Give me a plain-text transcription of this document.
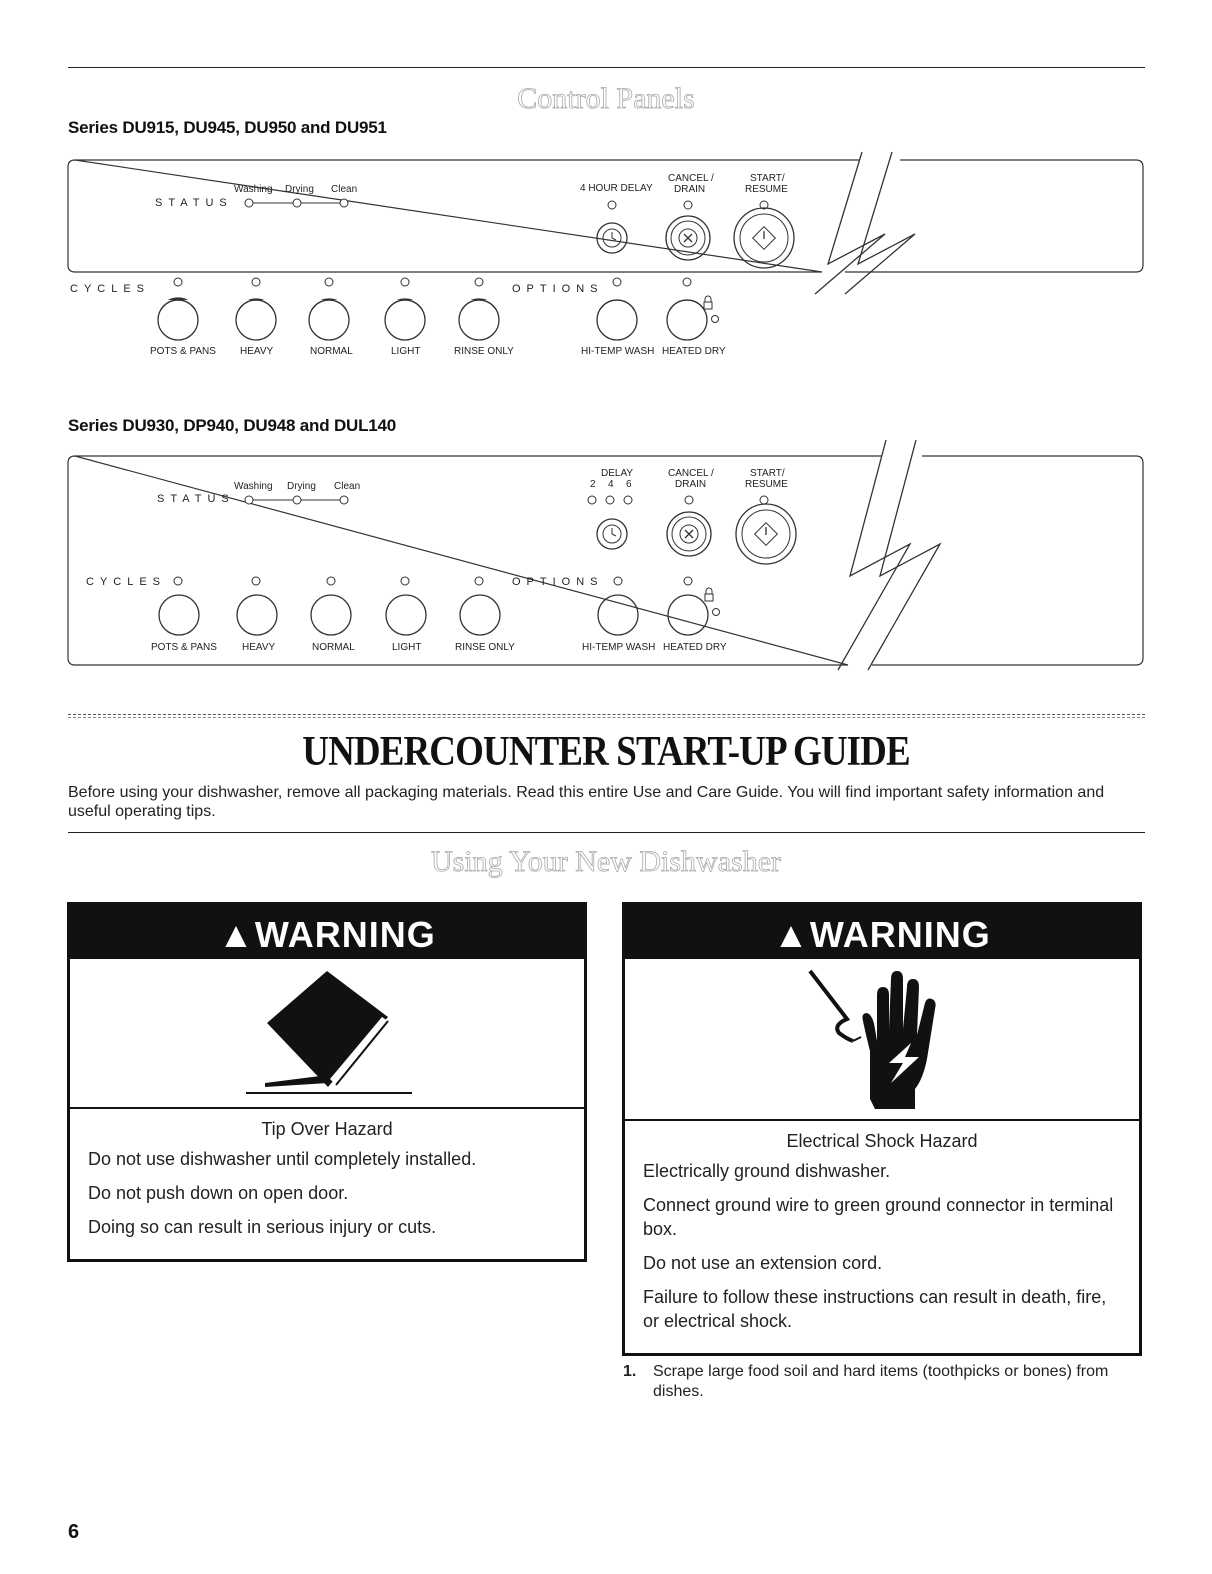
Control Panels
Series DU915, DU945, DU950 and DU951
STATUS
Washing Drying Clean	4 HOUR DELAY
CANCEL /
DRAIN
START/
RESUME
CYCLES	OPTIONS
POTS & PANS HEAVY	NORMAL	LIGHT	RINSE ONLY	HI-TEMP WASH HEATED DRY
Series DU930, DP940, DU948 and DUL140
STATUS
Washing Drying Clean
DELAY
2 4 6
CANCEL /
DRAIN
START/
RESUME
CYCLES	OPTIONS
POTS & PANS	HEAVY	NORMAL	LIGHT	RINSE ONLY	HI-TEMP WASH HEATED DRY
UNDERCOUNTER START-UP GUIDE
Before using your dishwasher, remove all packaging materials. Read this entire Use and Care Guide. You will find important safety information and useful operating tips.
Using Your New Dishwasher
▲WARNING
Tip Over Hazard

Do not use dishwasher until completely installed.

Do not push down on open door.

Doing so can result in serious injury or cuts.

▲WARNING
Electrical Shock Hazard

Electrically ground dishwasher.

Connect ground wire to green ground connector in terminal box.

Do not use an extension cord.

Failure to follow these instructions can result in death, fire, or electrical shock.

1. Scrape large food soil and hard items (toothpicks or bones) from dishes.
6
